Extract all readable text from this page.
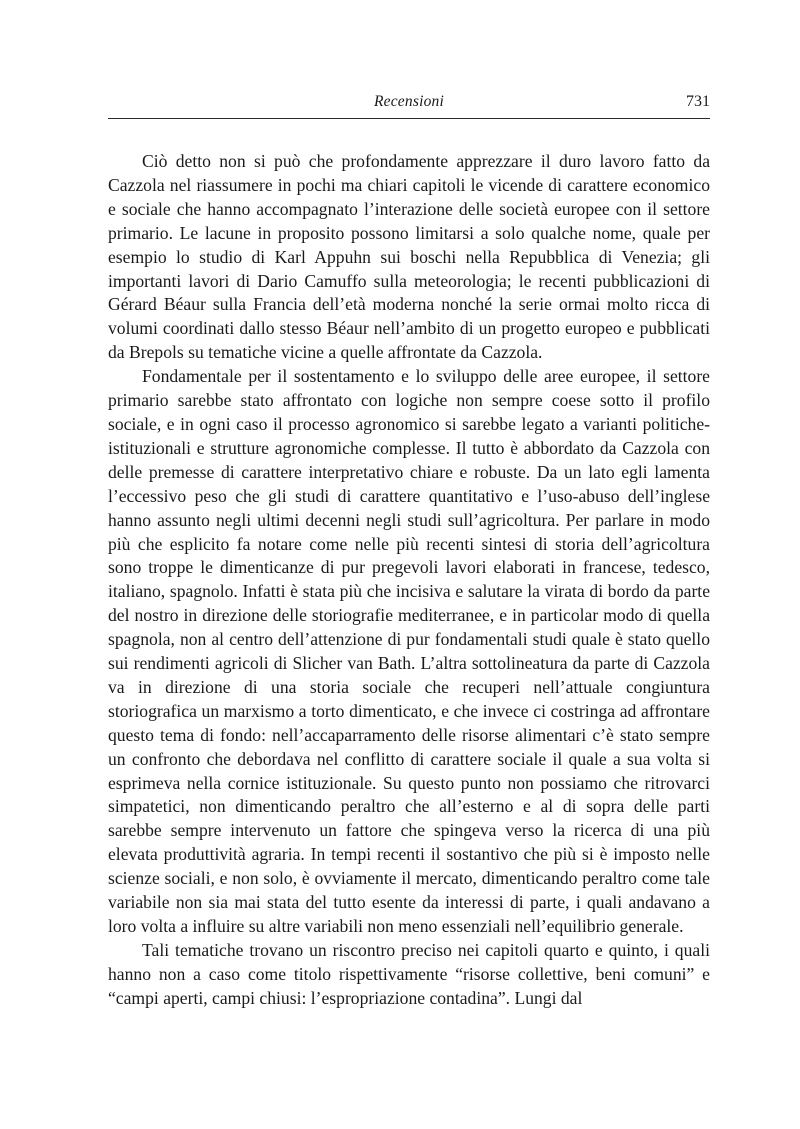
Recensioni	731

Ciò detto non si può che profondamente apprezzare il duro lavoro fatto da Cazzola nel riassumere in pochi ma chiari capitoli le vicende di carattere economico e sociale che hanno accompagnato l’interazione delle società europee con il settore primario. Le lacune in proposito possono limitarsi a solo qualche nome, quale per esempio lo studio di Karl Appuhn sui boschi nella Repubblica di Venezia; gli importanti lavori di Dario Camuffo sulla meteorologia; le recenti pubblicazioni di Gérard Béaur sulla Francia dell’età moderna nonché la serie ormai molto ricca di volumi coordinati dallo stesso Béaur nell’ambito di un progetto europeo e pubblicati da Brepols su tematiche vicine a quelle affrontate da Cazzola.

Fondamentale per il sostentamento e lo sviluppo delle aree europee, il settore primario sarebbe stato affrontato con logiche non sempre coese sotto il profilo sociale, e in ogni caso il processo agronomico si sarebbe legato a varianti politiche-istituzionali e strutture agronomiche complesse. Il tutto è abbordato da Cazzola con delle premesse di carattere interpretativo chiare e robuste. Da un lato egli lamenta l’eccessivo peso che gli studi di carattere quantitativo e l’uso-abuso dell’inglese hanno assunto negli ultimi decenni negli studi sull’agricoltura. Per parlare in modo più che esplicito fa notare come nelle più recenti sintesi di storia dell’agricoltura sono troppe le dimenticanze di pur pregevoli lavori elaborati in francese, tedesco, italiano, spagnolo. Infatti è stata più che incisiva e salutare la virata di bordo da parte del nostro in direzione delle storiografie mediterranee, e in particolar modo di quella spagnola, non al centro dell’attenzione di pur fondamentali studi quale è stato quello sui rendimenti agricoli di Slicher van Bath. L’altra sottolineatura da parte di Cazzola va in direzione di una storia sociale che recuperi nell’attuale congiuntura storiografica un marxismo a torto dimenticato, e che invece ci costringa ad affrontare questo tema di fondo: nell’accaparramento delle risorse alimentari c’è stato sempre un confronto che debordava nel conflitto di carattere sociale il quale a sua volta si esprimeva nella cornice istituzionale. Su questo punto non possiamo che ritrovarci simpatetici, non dimenticando peraltro che all’esterno e al di sopra delle parti sarebbe sempre intervenuto un fattore che spingeva verso la ricerca di una più elevata produttività agraria. In tempi recenti il sostantivo che più si è imposto nelle scienze sociali, e non solo, è ovviamente il mercato, dimenticando peraltro come tale variabile non sia mai stata del tutto esente da interessi di parte, i quali andavano a loro volta a influire su altre variabili non meno essenziali nell’equilibrio generale.

Tali tematiche trovano un riscontro preciso nei capitoli quarto e quinto, i quali hanno non a caso come titolo rispettivamente “risorse collettive, beni comuni” e “campi aperti, campi chiusi: l’espropriazione contadina”. Lungi dal
